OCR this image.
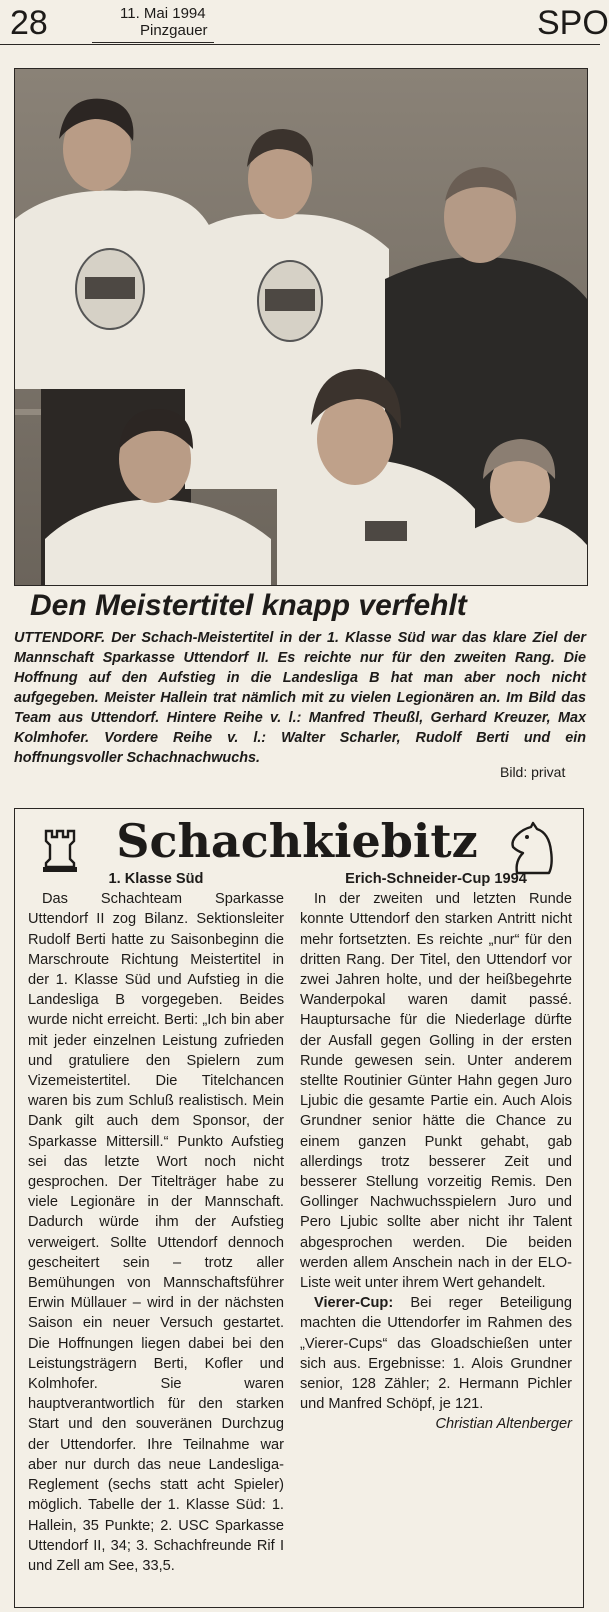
28	11. Mai 1994
Pinzgauer	SPO
Den Meistertitel knapp verfehlt
UTTENDORF. Der Schach-Meistertitel in der 1. Klasse Süd war das klare Ziel der Mannschaft Sparkasse Uttendorf II. Es reichte nur für den zweiten Rang. Die Hoffnung auf den Aufstieg in die Landesliga B hat man aber noch nicht aufgegeben. Meister Hallein trat nämlich mit zu vielen Legionären an. Im Bild das Team aus Uttendorf. Hintere Reihe v. l.: Manfred Theußl, Gerhard Kreuzer, Max Kolmhofer. Vordere Reihe v. l.: Walter Scharler, Rudolf Berti und ein hoffnungsvoller Schachnachwuchs.
Bild: privat
Schachkiebitz
1. Klasse Süd

Das Schachteam Sparkasse Uttendorf II zog Bilanz. Sektionsleiter Rudolf Berti hatte zu Saisonbeginn die Marschroute Richtung Meistertitel in der 1. Klasse Süd und Aufstieg in die Landesliga B vorgegeben. Beides wurde nicht erreicht. Berti: „Ich bin aber mit jeder einzelnen Leistung zufrieden und gratuliere den Spielern zum Vizemeistertitel. Die Titelchancen waren bis zum Schluß realistisch. Mein Dank gilt auch dem Sponsor, der Sparkasse Mittersill.“ Punkto Aufstieg sei das letzte Wort noch nicht gesprochen. Der Titelträger habe zu viele Legionäre in der Mannschaft. Dadurch würde ihm der Aufstieg verweigert. Sollte Uttendorf dennoch gescheitert sein – trotz aller Bemühungen von Mannschaftsführer Erwin Müllauer – wird in der nächsten Saison ein neuer Versuch gestartet. Die Hoffnungen liegen dabei bei den Leistungsträgern Berti, Kofler und Kolmhofer. Sie waren hauptverantwortlich für den starken Start und den souveränen Durchzug der Uttendorfer. Ihre Teilnahme war aber nur durch das neue Landesliga-Reglement (sechs statt acht Spieler) möglich. Tabelle der 1. Klasse Süd: 1. Hallein, 35 Punkte; 2. USC Sparkasse Uttendorf II, 34; 3. Schachfreunde Rif I und Zell am See, 33,5.

Erich-Schneider-Cup 1994

In der zweiten und letzten Runde konnte Uttendorf den starken Antritt nicht mehr fortsetzten. Es reichte „nur“ für den dritten Rang. Der Titel, den Uttendorf vor zwei Jahren holte, und der heißbegehrte Wanderpokal waren damit passé. Hauptursache für die Niederlage dürfte der Ausfall gegen Golling in der ersten Runde gewesen sein. Unter anderem stellte Routinier Günter Hahn gegen Juro Ljubic die gesamte Partie ein. Auch Alois Grundner senior hätte die Chance zu einem ganzen Punkt gehabt, gab allerdings trotz besserer Zeit und besserer Stellung vorzeitig Remis. Den Gollinger Nachwuchsspielern Juro und Pero Ljubic sollte aber nicht ihr Talent abgesprochen werden. Die beiden werden allem Anschein nach in der ELO-Liste weit unter ihrem Wert gehandelt.

Vierer-Cup: Bei reger Beteiligung machten die Uttendorfer im Rahmen des „Vierer-Cups“ das Gloadschießen unter sich aus. Ergebnisse: 1. Alois Grundner senior, 128 Zähler; 2. Hermann Pichler und Manfred Schöpf, je 121.

Christian Altenberger
